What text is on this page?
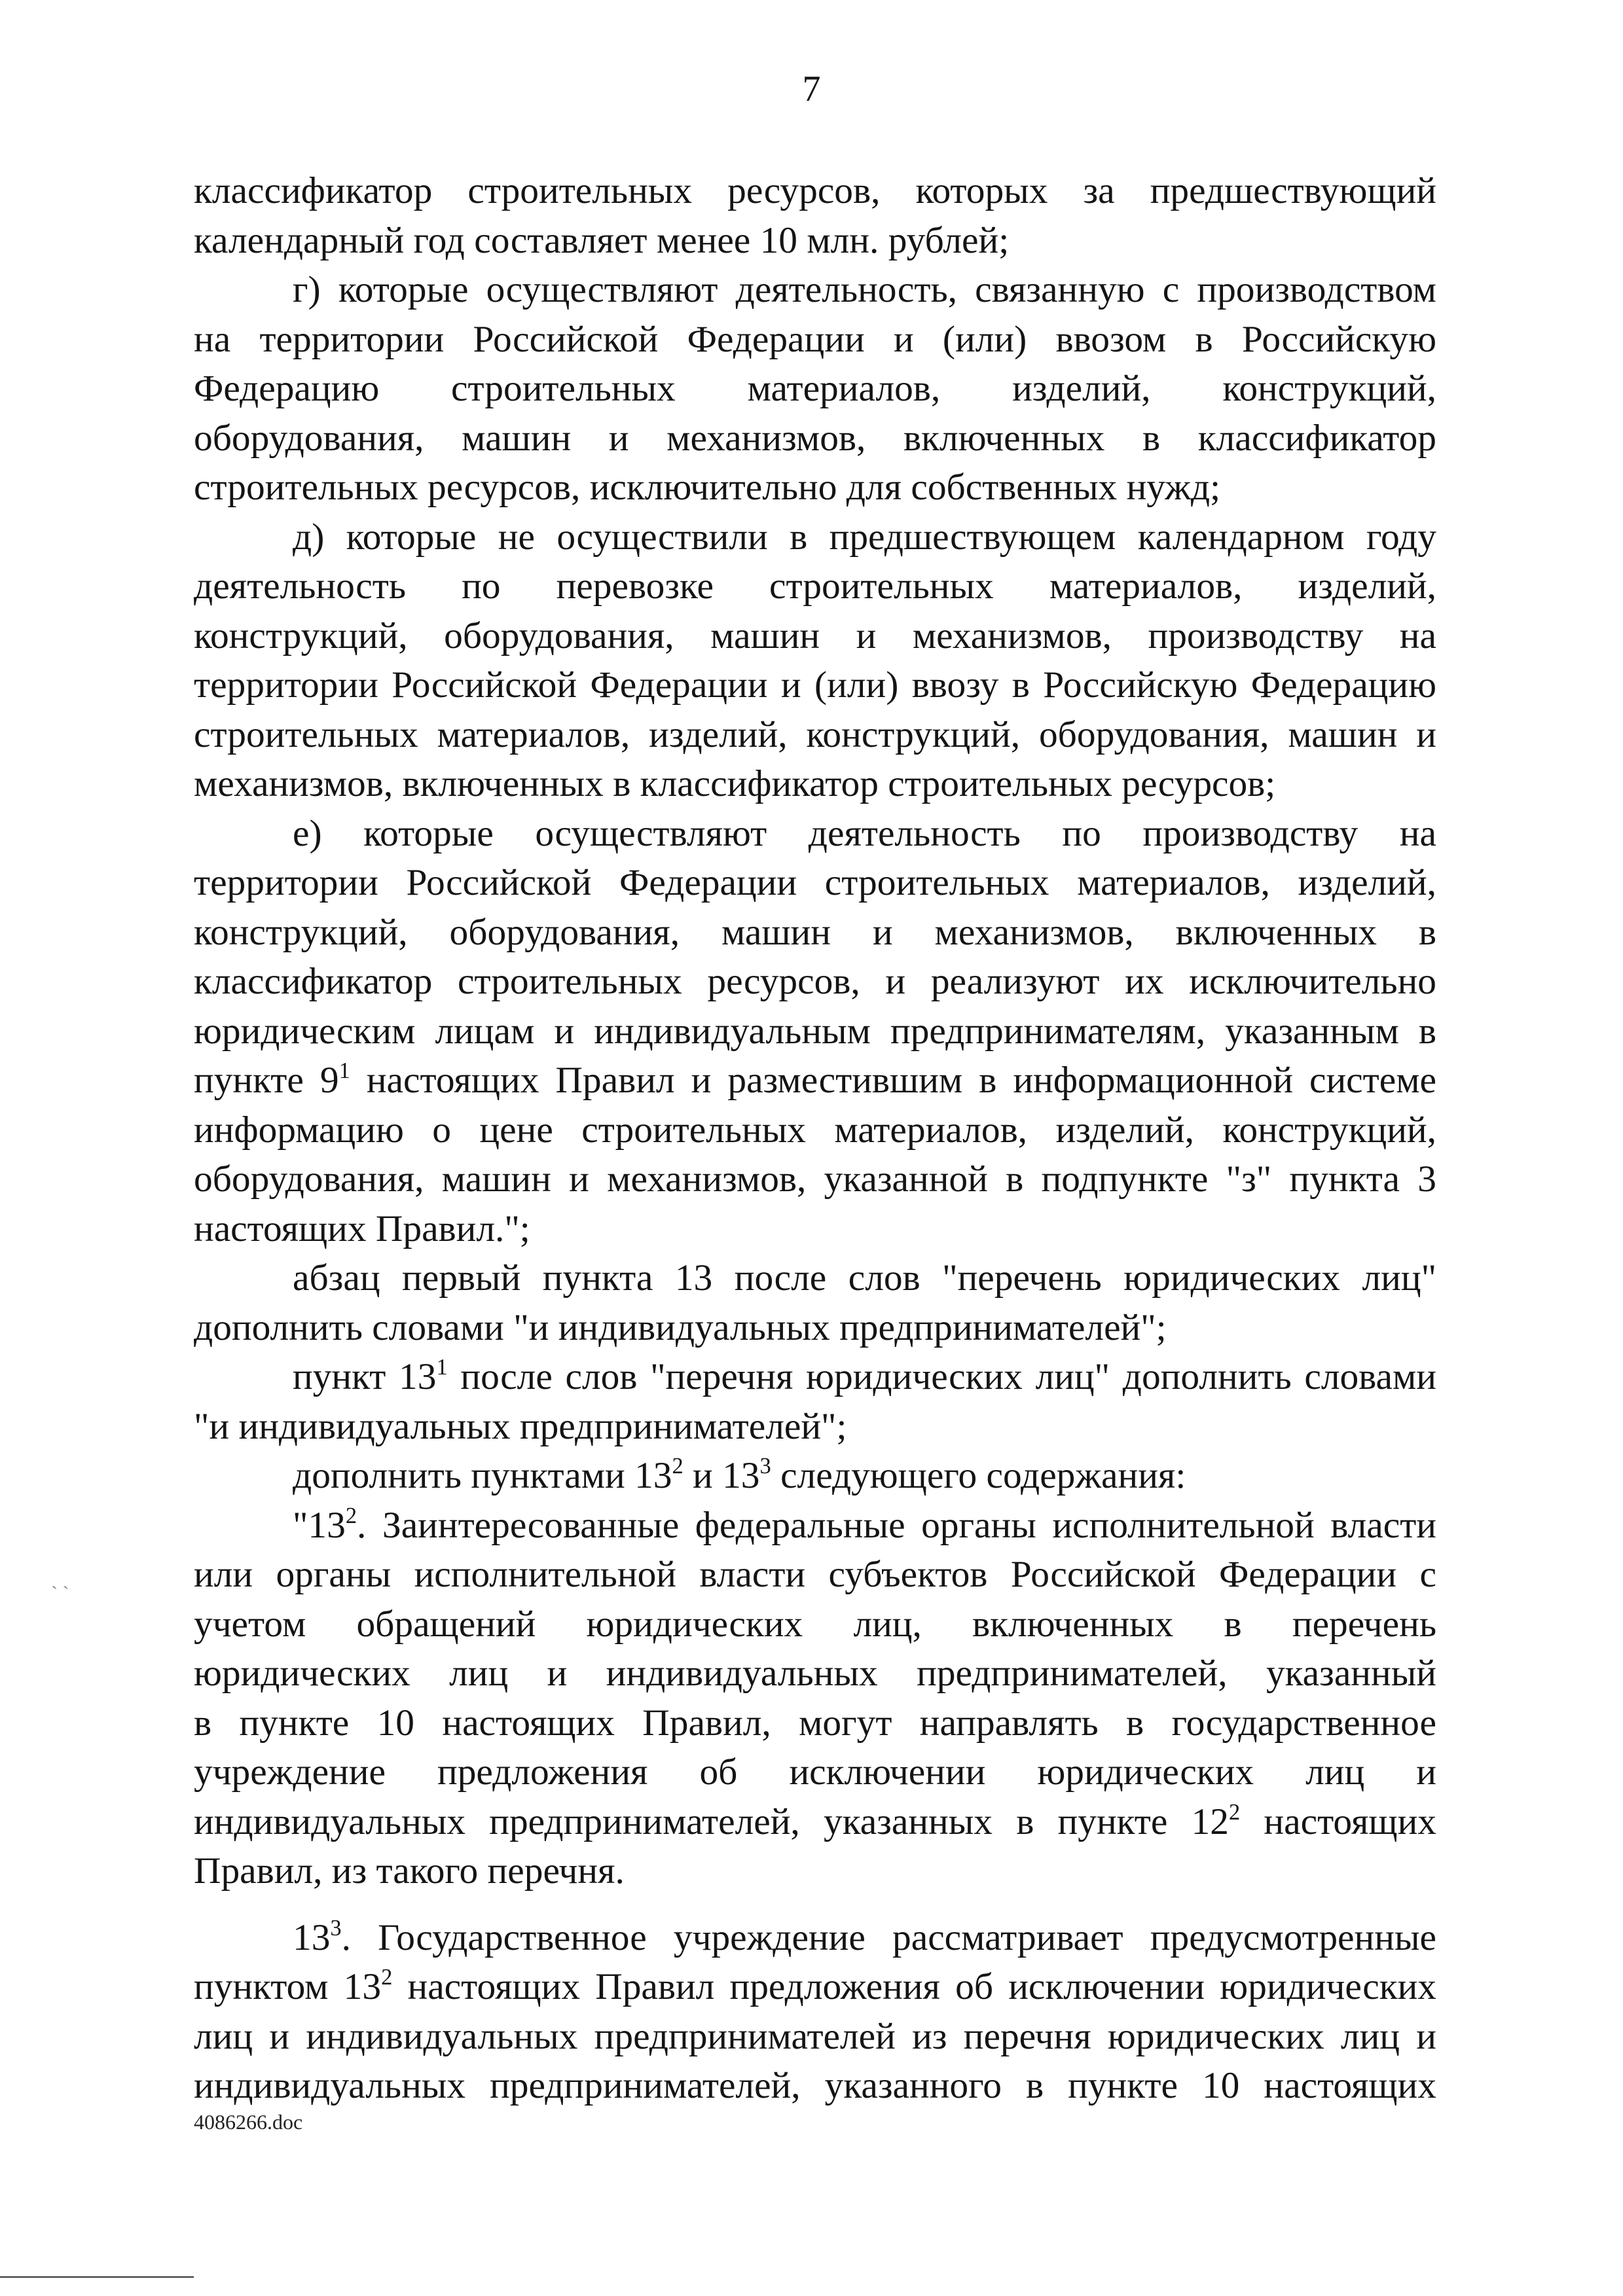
7
` `

классификатор строительных ресурсов, которых за предшествующий
календарный год составляет менее 10 млн. рублей;

г) которые осуществляют деятельность, связанную с производством
на территории Российской Федерации и (или) ввозом в Российскую
Федерацию строительных материалов, изделий, конструкций,
оборудования, машин и механизмов, включенных в классификатор
строительных ресурсов, исключительно для собственных нужд;

д) которые не осуществили в предшествующем календарном году
деятельность по перевозке строительных материалов, изделий,
конструкций, оборудования, машин и механизмов, производству на
территории Российской Федерации и (или) ввозу в Российскую Федерацию
строительных материалов, изделий, конструкций, оборудования, машин и
механизмов, включенных в классификатор строительных ресурсов;

е) которые осуществляют деятельность по производству на
территории Российской Федерации строительных материалов, изделий,
конструкций, оборудования, машин и механизмов, включенных в
классификатор строительных ресурсов, и реализуют их исключительно
юридическим лицам и индивидуальным предпринимателям, указанным в
пункте $9^1$ настоящих Правил и разместившим в информационной системе
информацию о цене строительных материалов, изделий, конструкций,
оборудования, машин и механизмов, указанной в подпункте "з" пункта 3
настоящих Правил.";

абзац первый пункта 13 после слов "перечень юридических лиц"
дополнить словами "и индивидуальных предпринимателей";

пункт $13^1$ после слов "перечня юридических лиц" дополнить словами
"и индивидуальных предпринимателей";

дополнить пунктами $13^2$ и $13^3$ следующего содержания:

"$13^2$. Заинтересованные федеральные органы исполнительной власти
или органы исполнительной власти субъектов Российской Федерации с
учетом обращений юридических лиц, включенных в перечень
юридических лиц и индивидуальных предпринимателей, указанный
в пункте 10 настоящих Правил, могут направлять в государственное
учреждение предложения об исключении юридических лиц и
индивидуальных предпринимателей, указанных в пункте $12^2$ настоящих
Правил, из такого перечня.

$13^3$. Государственное учреждение рассматривает предусмотренные
пунктом $13^2$ настоящих Правил предложения об исключении юридических
лиц и индивидуальных предпринимателей из перечня юридических лиц и
индивидуальных предпринимателей, указанного в пункте 10 настоящих

4086266.doc
